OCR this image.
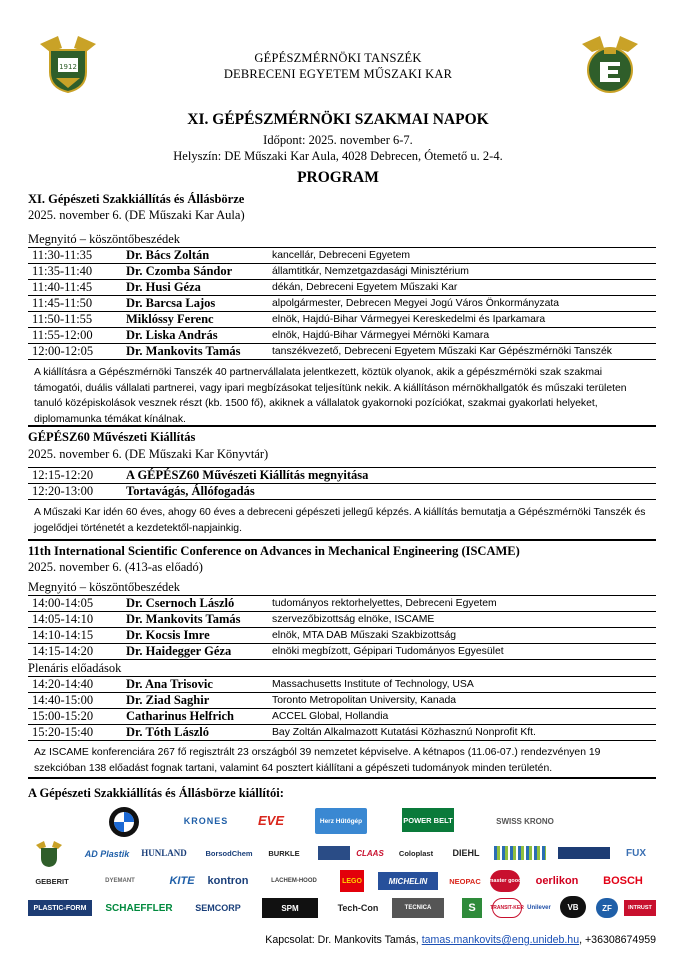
1912
GÉPÉSZMÉRNÖKI TANSZÉK
DEBRECENI EGYETEM MŰSZAKI KAR
XI. GÉPÉSZMÉRNÖKI SZAKMAI NAPOK
Időpont: 2025. november 6-7.
Helyszín: DE Műszaki Kar Aula, 4028 Debrecen, Ótemető u. 2-4.
PROGRAM
XI. Gépészeti Szakkiállítás és Állásbörze
2025. november 6. (DE Műszaki Kar Aula)
Megnyitó – köszöntőbeszédek
11:30-11:35	Dr. Bács Zoltán	kancellár, Debreceni Egyetem
11:35-11:40	Dr. Czomba Sándor	államtitkár, Nemzetgazdasági Minisztérium
11:40-11:45	Dr. Husi Géza	dékán, Debreceni Egyetem Műszaki Kar
11:45-11:50	Dr. Barcsa Lajos	alpolgármester, Debrecen Megyei Jogú Város Önkormányzata
11:50-11:55	Miklóssy Ferenc	elnök, Hajdú-Bihar Vármegyei Kereskedelmi és Iparkamara
11:55-12:00	Dr. Liska András	elnök, Hajdú-Bihar Vármegyei Mérnöki Kamara
12:00-12:05	Dr. Mankovits Tamás	tanszékvezető, Debreceni Egyetem Műszaki Kar Gépészmérnöki Tanszék
A kiállításra a Gépészmérnöki Tanszék 40 partnervállalata jelentkezett, köztük olyanok, akik a gépészmérnöki szak szakmai támogatói, duális vállalati partnerei, vagy ipari megbízásokat teljesítünk nekik. A kiállításon mérnökhallgatók és műszaki területen tanuló középiskolások vesznek részt (kb. 1500 fő), akiknek a vállalatok gyakornoki pozíciókat, szakmai gyakorlati helyeket, diplomamunka témákat kínálnak.
GÉPÉSZ60 Művészeti Kiállítás
2025. november 6. (DE Műszaki Kar Könyvtár)
12:15-12:20	A GÉPÉSZ60 Művészeti Kiállítás megnyitása
12:20-13:00	Tortavágás, Állófogadás
A Műszaki Kar idén 60 éves, ahogy 60 éves a debreceni gépészeti jellegű képzés. A kiállítás bemutatja a Gépészmérnöki Tanszék és jogelődjei történetét a kezdetektől-napjainkig.
11th International Scientific Conference on Advances in Mechanical Engineering (ISCAME)
2025. november 6. (413-as előadó)
Megnyitó – köszöntőbeszédek
14:00-14:05	Dr. Csernoch László	tudományos rektorhelyettes, Debreceni Egyetem
14:05-14:10	Dr. Mankovits Tamás	szervezőbizottság elnöke, ISCAME
14:10-14:15	Dr. Kocsis Imre	elnök, MTA DAB Műszaki Szakbizottság
14:15-14:20	Dr. Haidegger Géza	elnöki megbízott, Gépipari Tudományos Egyesület
Plenáris előadások
14:20-14:40	Dr. Ana Trisovic	Massachusetts Institute of Technology, USA
14:40-15:00	Dr. Ziad Saghir	Toronto Metropolitan University, Kanada
15:00-15:20	Catharinus Helfrich	ACCEL Global, Hollandia
15:20-15:40	Dr. Tóth László	Bay Zoltán Alkalmazott Kutatási Közhasznú Nonprofit Kft.
Az ISCAME konferenciára 267 fő regisztrált 23 országból 39 nemzetet képviselve. A kétnapos (11.06-07.) rendezvényen 19 szekcióban 138 előadást fognak tartani, valamint 64 posztert kiállítani a gépészeti tudományok minden területén.
A Gépészeti Szakkiállítás és Állásbörze kiállítói:
KRONES	EVE	Herz Hűtőgép	POWER BELT	SWISS KRONO
AD Plastik	HUNLAND	BorsodChem	BURKLE	CLAAS	Coloplast	DIEHL	FUX
GEBERIT	DYEMANT	KITE	kontron	LACHEM-HOOD	LEGO	MICHELIN	NEOPAC	master good	oerlikon	BOSCH
PLASTIC-FORM	SCHAEFFLER	SEMCORP	SPM	Tech-Con	TECNICA	S	TRANSIT-KER Unilever	VB	ZF	INTRUST
Kapcsolat: Dr. Mankovits Tamás, tamas.mankovits@eng.unideb.hu, +36308674959
